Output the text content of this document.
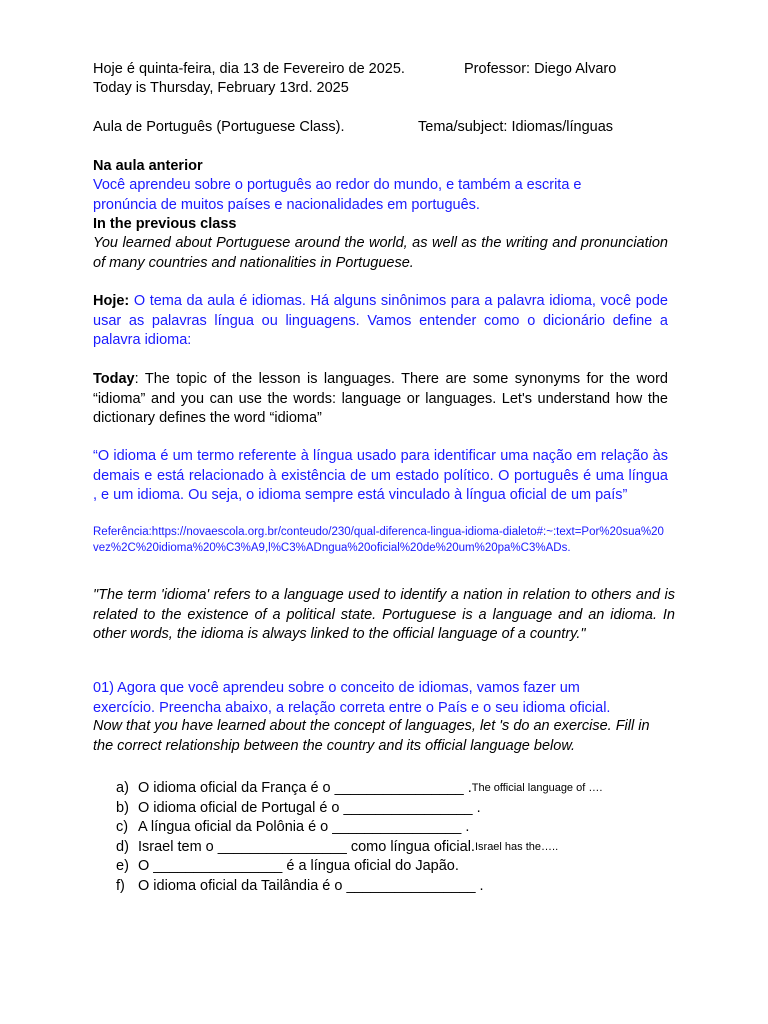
Hoje é quinta-feira, dia 13 de Fevereiro de 2025.	Professor: Diego Alvaro
Today is Thursday, February 13rd. 2025
Aula de Português (Portuguese Class).	Tema/subject: Idiomas/línguas
Na aula anterior
Você aprendeu sobre o português ao redor do mundo, e também a escrita e pronúncia de muitos países e nacionalidades em português.
In the previous class
You learned about Portuguese around the world, as well as the writing and pronunciation of many countries and nationalities in Portuguese.
Hoje: O tema da aula é idiomas. Há alguns sinônimos para a palavra idioma, você pode usar as palavras língua ou linguagens. Vamos entender como o dicionário define a palavra idioma:
Today: The topic of the lesson is languages. There are some synonyms for the word “idioma” and you can use the words: language or languages. Let's understand how the dictionary defines the word “idioma”
“O idioma é um termo referente à língua usado para identificar uma nação em relação às demais e está relacionado à existência de um estado político. O português é uma língua , e um idioma. Ou seja, o idioma sempre está vinculado à língua oficial de um país”
Referência:https://novaescola.org.br/conteudo/230/qual-diferenca-lingua-idioma-dialeto#:~:text=Por%20sua%20vez%2C%20idioma%20%C3%A9,l%C3%ADngua%20oficial%20de%20um%20pa%C3%ADs.
"The term 'idioma' refers to a language used to identify a nation in relation to others and is related to the existence of a political state. Portuguese is a language and an idioma. In other words, the idioma is always linked to the official language of a country."
01) Agora que você aprendeu sobre o conceito de idiomas, vamos fazer um exercício. Preencha abaixo, a relação correta entre o País e o seu idioma oficial.
Now that you have learned about the concept of languages, let 's do an exercise. Fill in the correct relationship between the country and its official language below.
a) O idioma oficial da França é o ________________ . The official language of ….
b) O idioma oficial de Portugal é o ________________ .
c) A língua oficial da Polônia é o ________________ .
d) Israel tem o ________________ como língua oficial. Israel has the…..
e) O ________________ é a língua oficial do Japão.
f) O idioma oficial da Tailândia é o ________________ .
